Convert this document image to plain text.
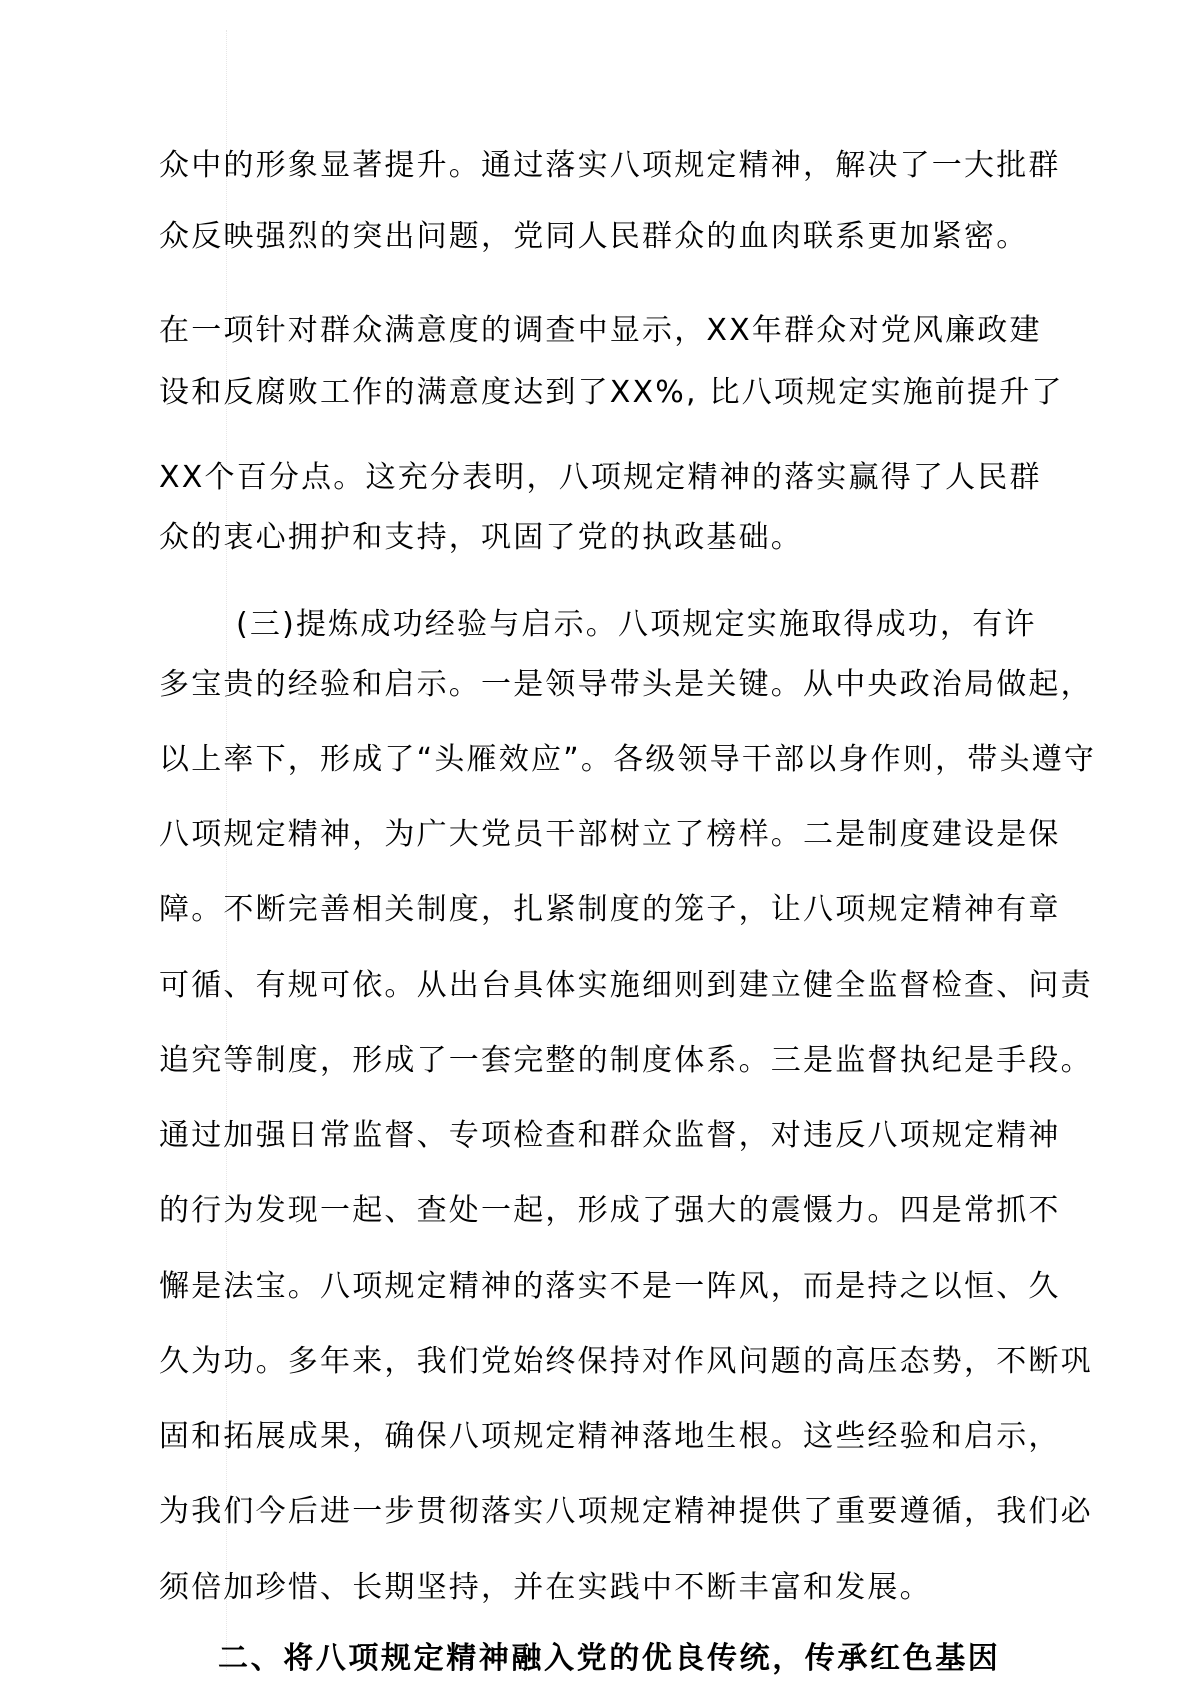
众中的形象显著提升。通过落实八项规定精神，解决了一大批群

众反映强烈的突出问题，党同人民群众的血肉联系更加紧密。

在一项针对群众满意度的调查中显示，XX年群众对党风廉政建

设和反腐败工作的满意度达到了XX%, 比八项规定实施前提升了

XX个百分点。这充分表明，八项规定精神的落实赢得了人民群

众的衷心拥护和支持，巩固了党的执政基础。

(三)提炼成功经验与启示。八项规定实施取得成功，有许

多宝贵的经验和启示。一是领导带头是关键。从中央政治局做起，

以上率下，形成了“头雁效应”。各级领导干部以身作则，带头遵守

八项规定精神，为广大党员干部树立了榜样。二是制度建设是保

障。不断完善相关制度，扎紧制度的笼子，让八项规定精神有章

可循、有规可依。从出台具体实施细则到建立健全监督检查、问责

追究等制度，形成了一套完整的制度体系。三是监督执纪是手段。

通过加强日常监督、专项检查和群众监督，对违反八项规定精神

的行为发现一起、查处一起，形成了强大的震慑力。四是常抓不

懈是法宝。八项规定精神的落实不是一阵风，而是持之以恒、久

久为功。多年来，我们党始终保持对作风问题的高压态势，不断巩

固和拓展成果，确保八项规定精神落地生根。这些经验和启示，

为我们今后进一步贯彻落实八项规定精神提供了重要遵循，我们必

须倍加珍惜、长期坚持，并在实践中不断丰富和发展。

二、将八项规定精神融入党的优良传统，传承红色基因
